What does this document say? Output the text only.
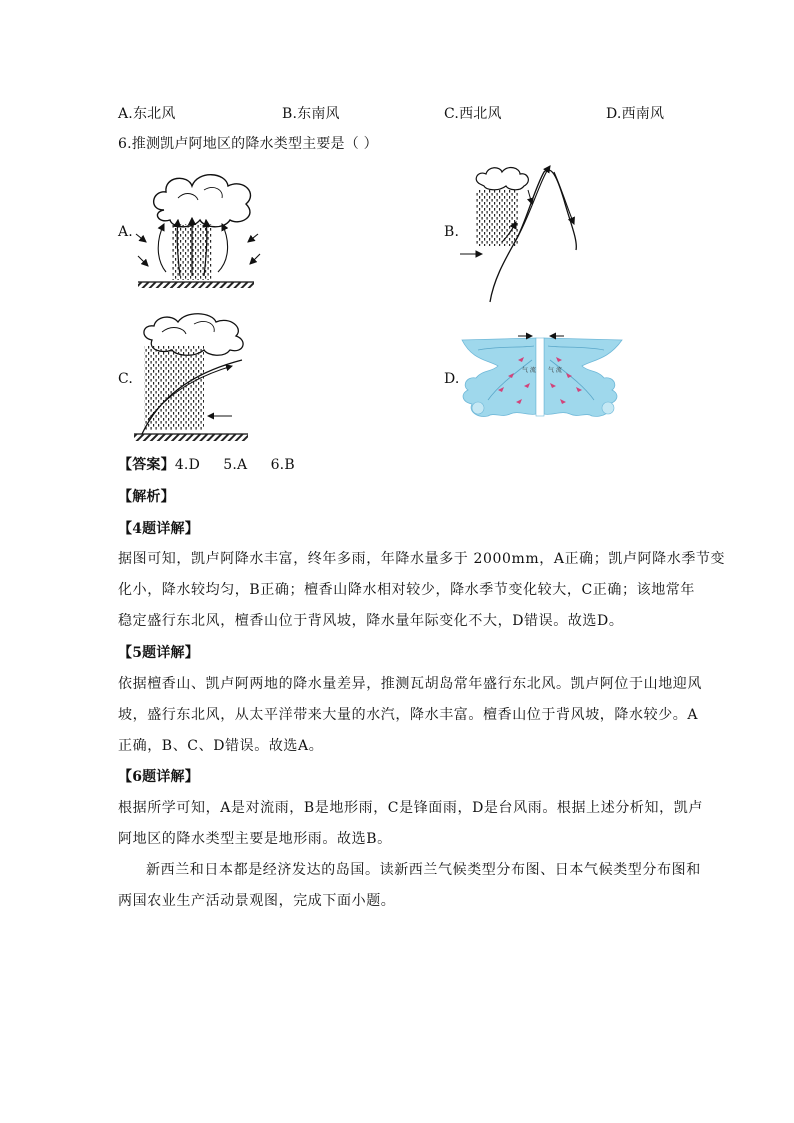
A.东北风	B.东南风	C.西北风	D.西南风
6.推测凯卢阿地区的降水类型主要是（ ）
A.	B.
C.	D.
气 流 气 流
【答案】4.D     5.A     6.B
【解析】
【4题详解】
据图可知，凯卢阿降水丰富，终年多雨，年降水量多于 2000mm，A正确；凯卢阿降水季节变
化小，降水较均匀，B正确；檀香山降水相对较少，降水季节变化较大，C正确；该地常年
稳定盛行东北风，檀香山位于背风坡，降水量年际变化不大，D错误。故选D。
【5题详解】
依据檀香山、凯卢阿两地的降水量差异，推测瓦胡岛常年盛行东北风。凯卢阿位于山地迎风
坡，盛行东北风，从太平洋带来大量的水汽，降水丰富。檀香山位于背风坡，降水较少。A
正确，B、C、D错误。故选A。
【6题详解】
根据所学可知，A是对流雨，B是地形雨，C是锋面雨，D是台风雨。根据上述分析知，凯卢
阿地区的降水类型主要是地形雨。故选B。
新西兰和日本都是经济发达的岛国。读新西兰气候类型分布图、日本气候类型分布图和
两国农业生产活动景观图，完成下面小题。
